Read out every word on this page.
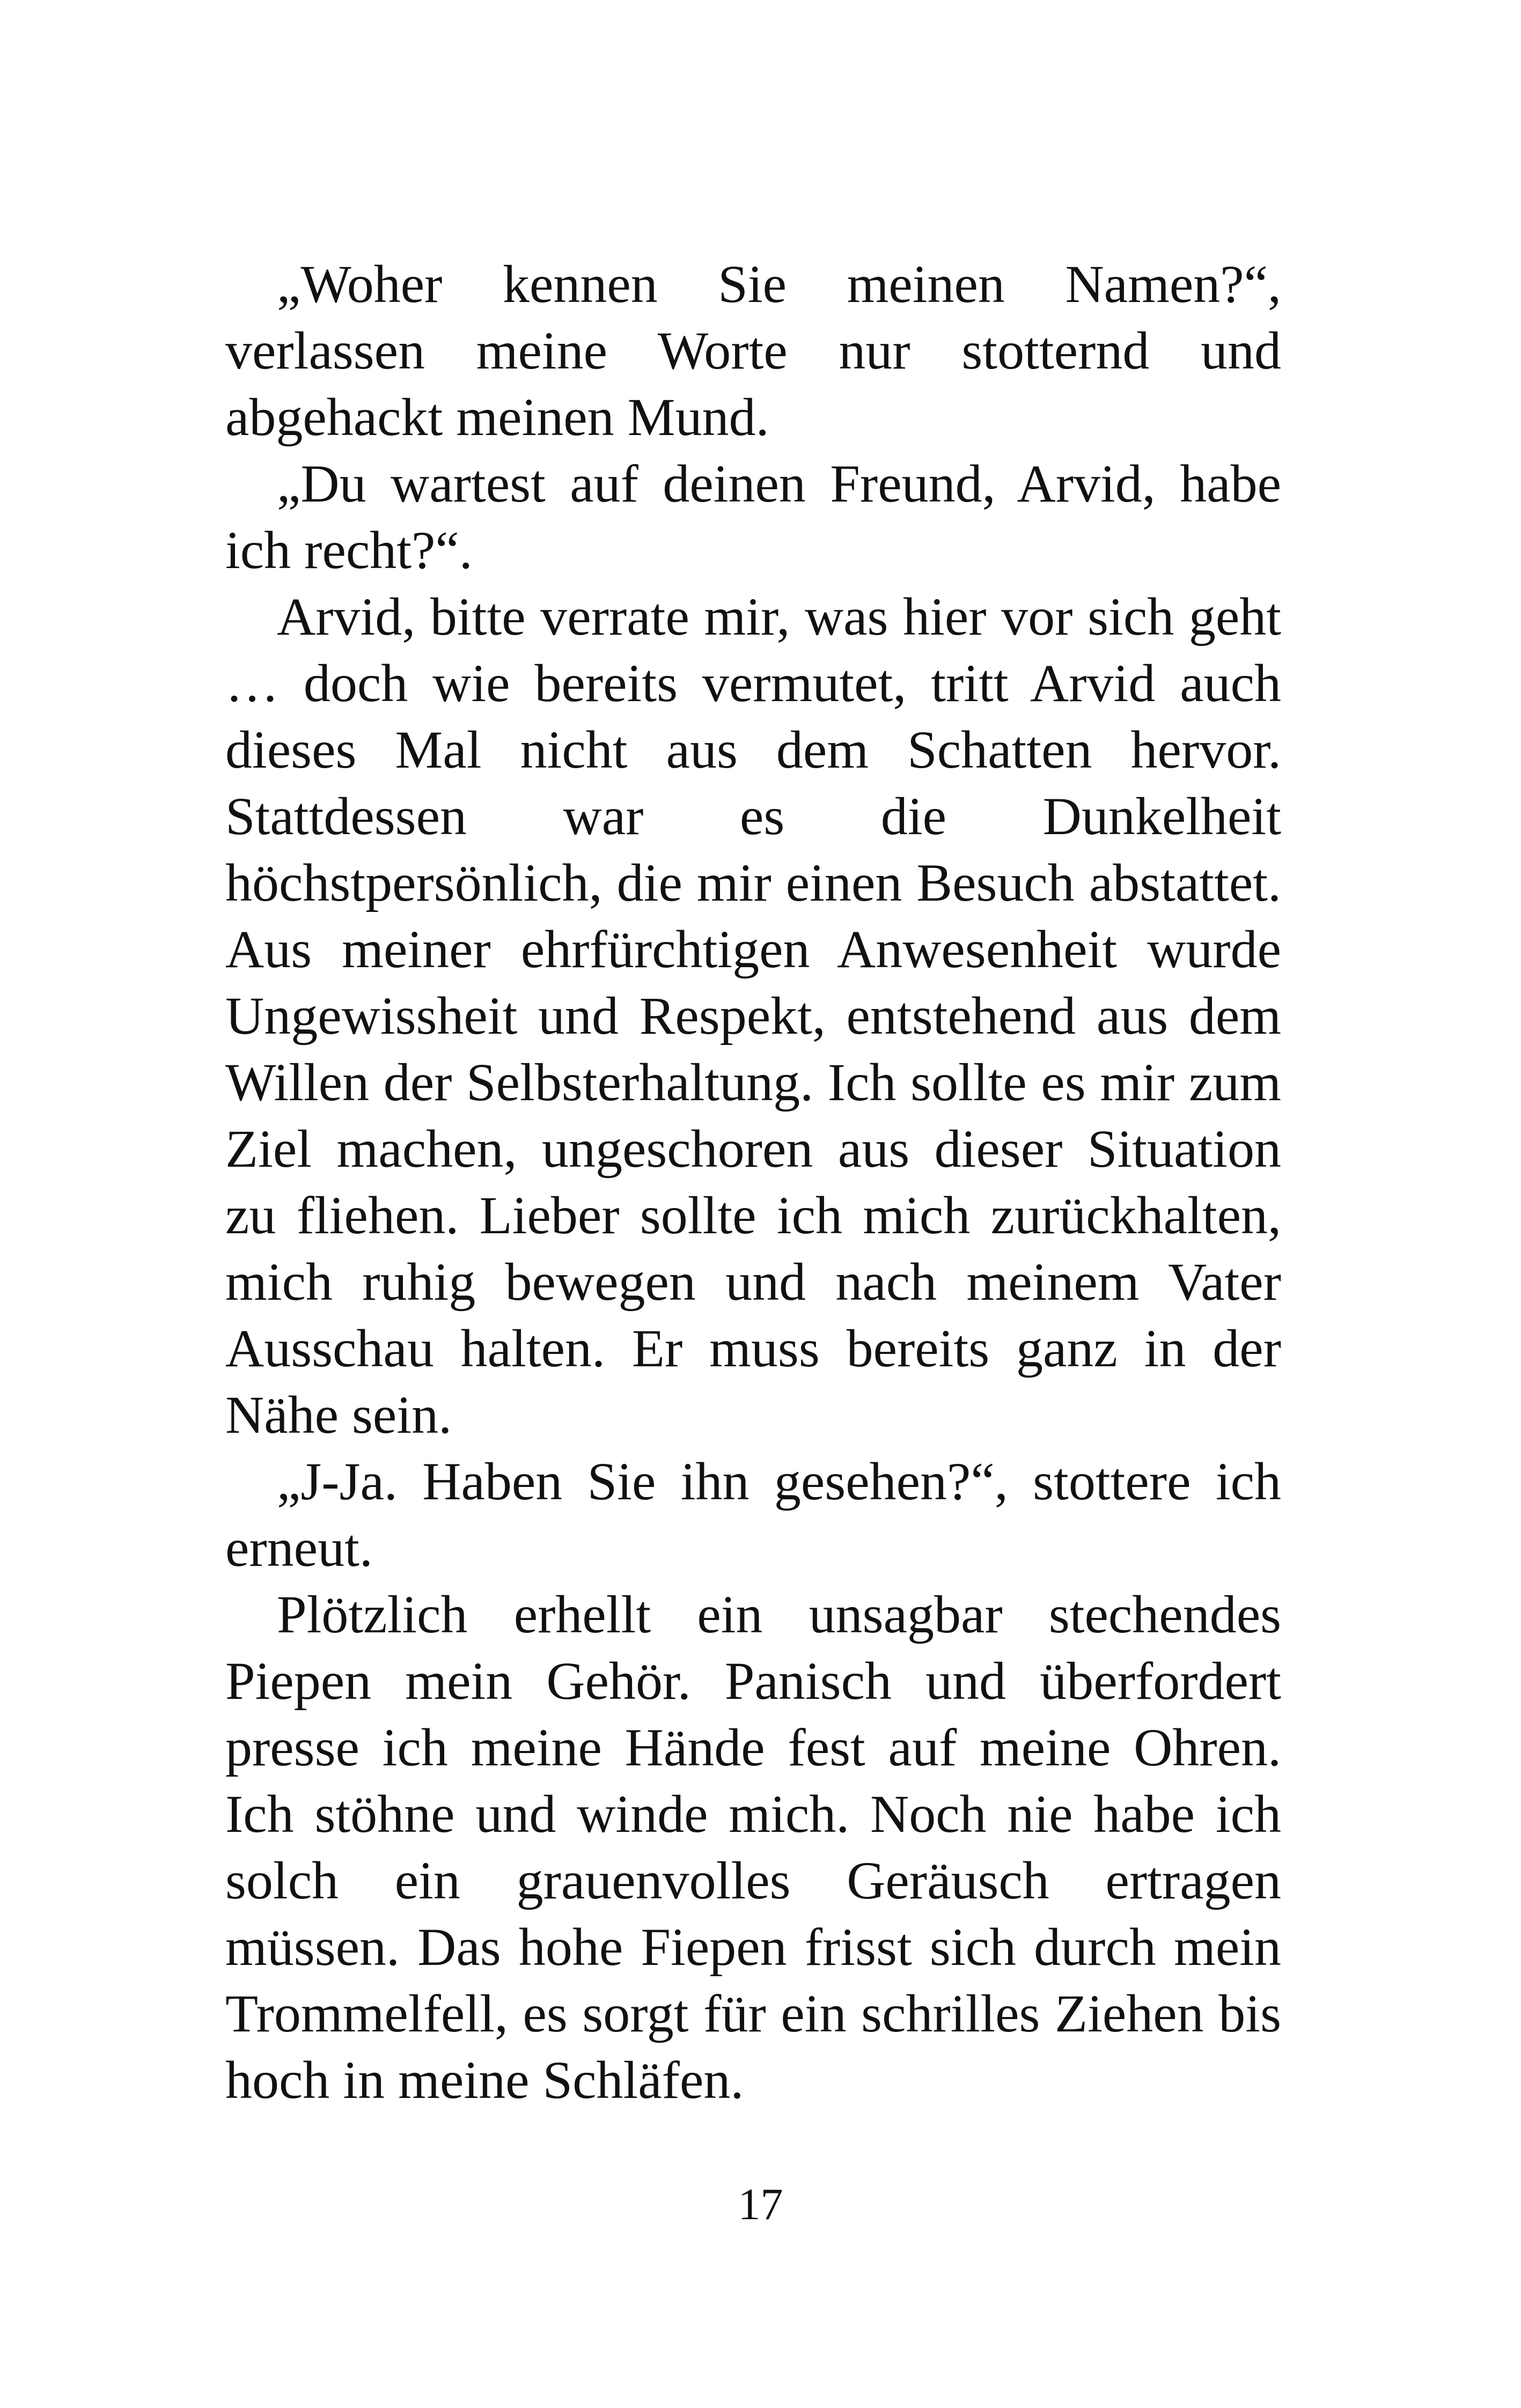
„Woher kennen Sie meinen Namen?“, verlassen meine Worte nur stotternd und abgehackt meinen Mund.

„Du wartest auf deinen Freund, Arvid, habe ich recht?“.

Arvid, bitte verrate mir, was hier vor sich geht … doch wie bereits vermutet, tritt Arvid auch dieses Mal nicht aus dem Schatten hervor. Stattdessen war es die Dunkelheit höchstpersönlich, die mir einen Besuch abstattet. Aus meiner ehrfürchtigen Anwesenheit wurde Ungewissheit und Respekt, entstehend aus dem Willen der Selbsterhaltung. Ich sollte es mir zum Ziel machen, ungeschoren aus dieser Situation zu fliehen. Lieber sollte ich mich zurückhalten, mich ruhig bewegen und nach meinem Vater Ausschau halten. Er muss bereits ganz in der Nähe sein.

„J-Ja. Haben Sie ihn gesehen?“, stottere ich erneut.

Plötzlich erhellt ein unsagbar stechendes Piepen mein Gehör. Panisch und überfordert presse ich meine Hände fest auf meine Ohren. Ich stöhne und winde mich. Noch nie habe ich solch ein grauenvolles Geräusch ertragen müssen. Das hohe Fiepen frisst sich durch mein Trommelfell, es sorgt für ein schrilles Ziehen bis hoch in meine Schläfen.

17
